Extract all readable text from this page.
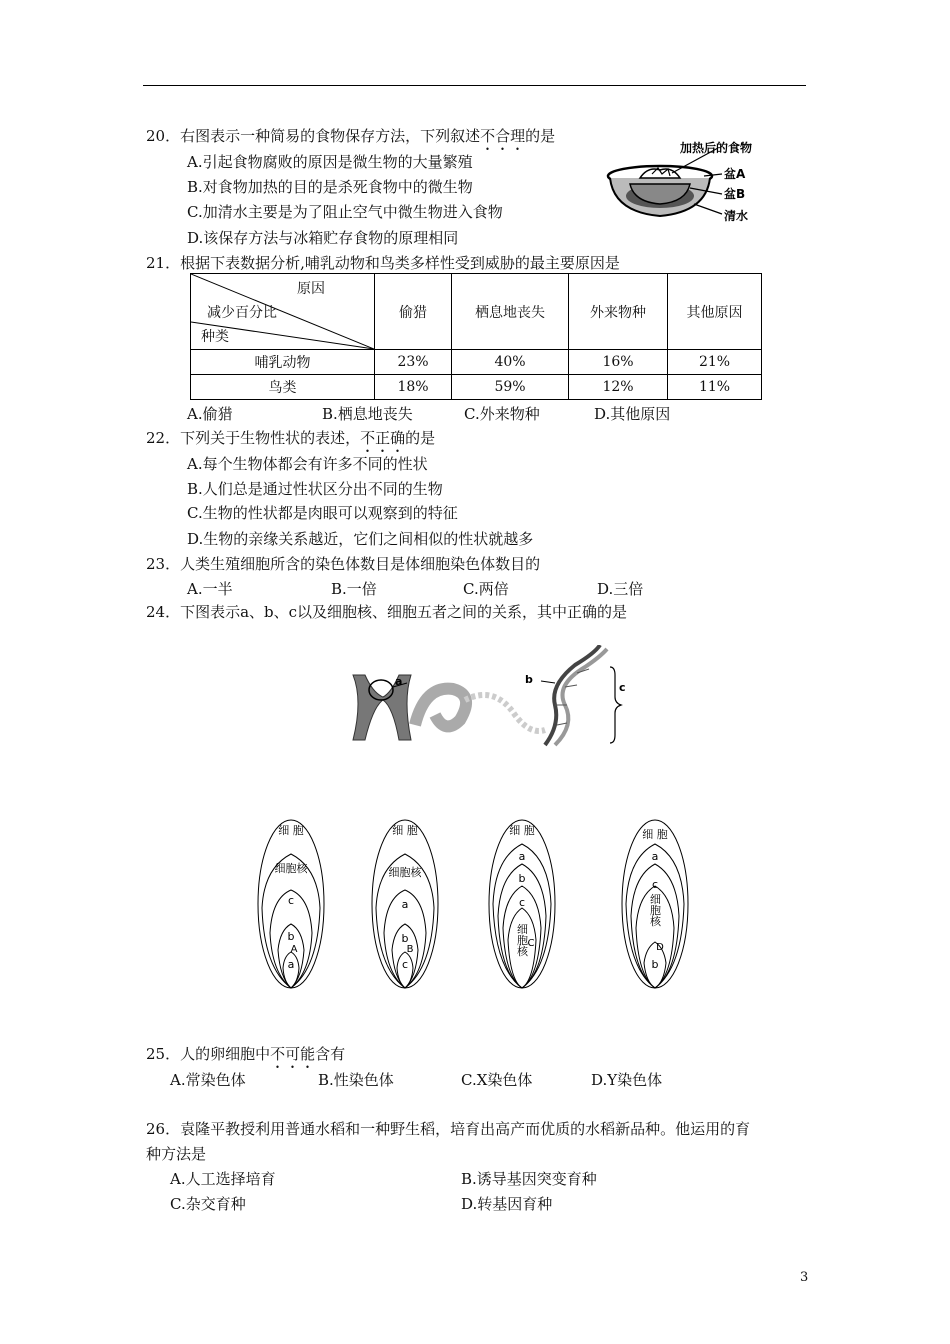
20．右图表示一种简易的食物保存方法，下列叙述不合理的是
A.引起食物腐败的原因是微生物的大量繁殖
B.对食物加热的目的是杀死食物中的微生物
C.加清水主要是为了阻止空气中微生物进入食物
D.该保存方法与冰箱贮存食物的原理相同
加热后的食物
盆A
盆B
清水
21．根据下表数据分析,哺乳动物和鸟类多样性受到威胁的最主要原因是
原因
减少百分比
种类	偷猎	栖息地丧失	外来物种	其他原因
哺乳动物	23%	40%	16%	21%
鸟类	18%	59%	12%	11%
A.偷猎	B.栖息地丧失	C.外来物种	D.其他原因
22．下列关于生物性状的表述，不正确的是
A.每个生物体都会有许多不同的性状
B.人们总是通过性状区分出不同的生物
C.生物的性状都是肉眼可以观察到的特征
D.生物的亲缘关系越近，它们之间相似的性状就越多
23．人类生殖细胞所含的染色体数目是体细胞染色体数目的
A.一半	B.一倍	C.两倍	D.三倍
24．下图表示a、b、c以及细胞核、细胞五者之间的关系，其中正确的是
a	b
c
细 胞
细胞核
c
b
a
A
细 胞
细胞核
a
b
c
B
细 胞
a
b
c
细胞核 C
细 胞
a
c
细胞核
b
D
25．人的卵细胞中不可能含有
A.常染色体	B.性染色体	C.X染色体	D.Y染色体
26．袁隆平教授利用普通水稻和一种野生稻，培育出高产而优质的水稻新品种。他运用的育
种方法是
A.人工选择培育	B.诱导基因突变育种
C.杂交育种	D.转基因育种
3
